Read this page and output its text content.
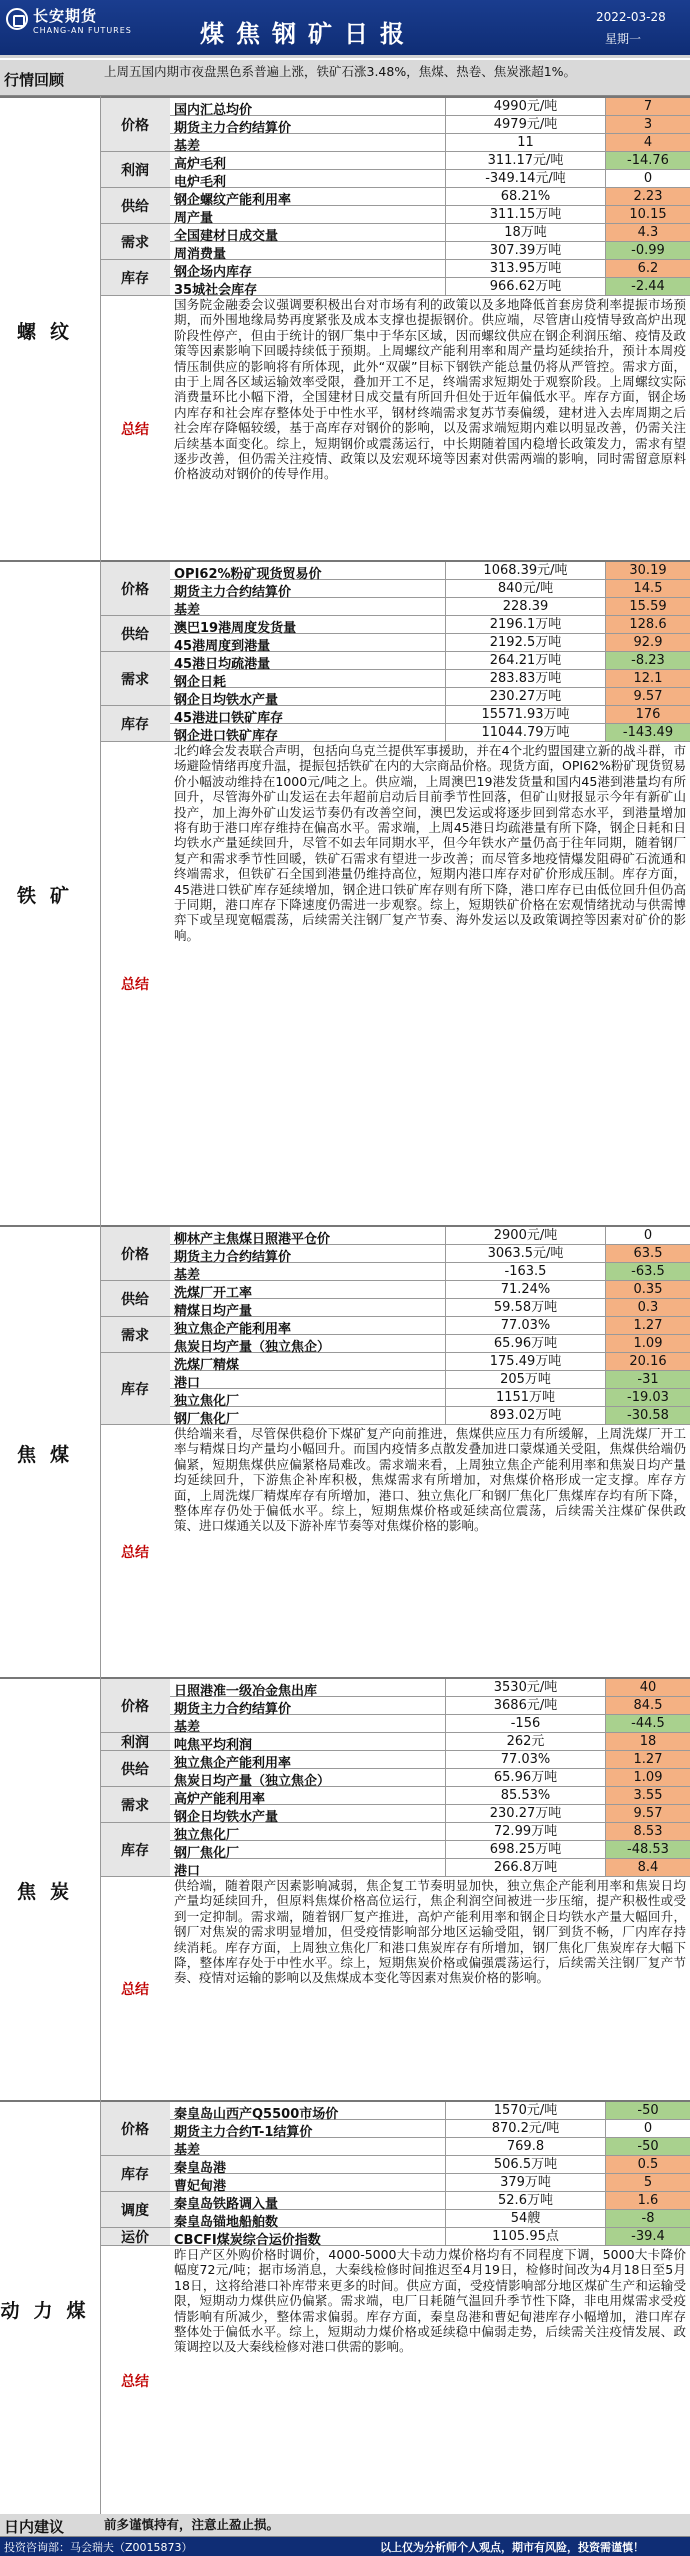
长安期货
CHANG-AN FUTURES	煤焦钢矿日报
2022-03-28
星期一
行情回顾	上周五国内期市夜盘黑色系普遍上涨，铁矿石涨3.48%，焦煤、热卷、焦炭涨超1%。
螺纹
价格
国内汇总均价	4990元/吨	7
期货主力合约结算价	4979元/吨	3
基差	11	4
利润	高炉毛利	311.17元/吨	-14.76
电炉毛利	-349.14元/吨	0
供给	钢企螺纹产能利用率	68.21%	2.23
周产量	311.15万吨	10.15
需求	全国建材日成交量	18万吨	4.3
周消费量	307.39万吨	-0.99
库存	钢企场内库存	313.95万吨	6.2
35城社会库存	966.62万吨	-2.44
总结
国务院金融委会议强调要积极出台对市场有利的政策以及多地降低首套房贷利率提振市场预期，而外围地缘局势再度紧张及成本支撑也提振钢价。供应端，尽管唐山疫情导致高炉出现阶段性停产，但由于统计的钢厂集中于华东区域，因而螺纹供应在钢企利润压缩、疫情及政策等因素影响下回暖持续低于预期。上周螺纹产能利用率和周产量均延续抬升，预计本周疫情压制供应的影响将有所体现，此外“双碳”目标下钢铁产能总量仍将从严管控。需求方面，由于上周各区域运输效率受限，叠加开工不足，终端需求短期处于观察阶段。上周螺纹实际消费量环比小幅下滑，全国建材日成交量有所回升但处于近年偏低水平。库存方面，钢企场内库存和社会库存整体处于中性水平，钢材终端需求复苏节奏偏缓，建材进入去库周期之后社会库存降幅较缓，基于高库存对钢价的影响，以及需求端短期内难以明显改善，仍需关注后续基本面变化。综上，短期钢价或震荡运行，中长期随着国内稳增长政策发力，需求有望逐步改善，但仍需关注疫情、政策以及宏观环境等因素对供需两端的影响，同时需留意原料价格波动对钢价的传导作用。
铁矿
价格
OPI62%粉矿现货贸易价	1068.39元/吨	30.19
期货主力合约结算价	840元/吨	14.5
基差	228.39	15.59
供给	澳巴19港周度发货量	2196.1万吨	128.6
45港周度到港量	2192.5万吨	92.9
需求
45港日均疏港量	264.21万吨	-8.23
钢企日耗	283.83万吨	12.1
钢企日均铁水产量	230.27万吨	9.57
库存	45港进口铁矿库存	15571.93万吨	176
钢企进口铁矿库存	11044.79万吨	-143.49
总结
北约峰会发表联合声明，包括向乌克兰提供军事援助，并在4个北约盟国建立新的战斗群，市场避险情绪再度升温，提振包括铁矿在内的大宗商品价格。现货方面，OPI62%粉矿现货贸易价小幅波动维持在1000元/吨之上。供应端，上周澳巴19港发货量和国内45港到港量均有所回升，尽管海外矿山发运在去年超前启动后目前季节性回落，但矿山财报显示今年有新矿山投产，加上海外矿山发运节奏仍有改善空间，澳巴发运或将逐步回到常态水平，到港量增加将有助于港口库存维持在偏高水平。需求端，上周45港日均疏港量有所下降，钢企日耗和日均铁水产量延续回升，尽管不如去年同期水平，但今年铁水产量仍高于往年同期，随着钢厂复产和需求季节性回暖，铁矿石需求有望进一步改善；而尽管多地疫情爆发阻碍矿石流通和终端需求，但铁矿石全国到港量仍维持高位，短期内港口库存对矿价形成压制。库存方面，45港进口铁矿库存延续增加，钢企进口铁矿库存则有所下降，港口库存已由低位回升但仍高于同期，港口库存下降速度仍需进一步观察。综上，短期铁矿价格在宏观情绪扰动与供需博弈下或呈现宽幅震荡，后续需关注钢厂复产节奏、海外发运以及政策调控等因素对矿价的影响。
焦煤
价格
柳林产主焦煤日照港平仓价	2900元/吨	0
期货主力合约结算价	3063.5元/吨	63.5
基差	-163.5	-63.5
供给	洗煤厂开工率	71.24%	0.35
精煤日均产量	59.58万吨	0.3
需求	独立焦企产能利用率	77.03%	1.27
焦炭日均产量（独立焦企）	65.96万吨	1.09
库存
洗煤厂精煤	175.49万吨	20.16
港口	205万吨	-31
独立焦化厂	1151万吨	-19.03
钢厂焦化厂	893.02万吨	-30.58
总结
供给端来看，尽管保供稳价下煤矿复产向前推进，焦煤供应压力有所缓解，上周洗煤厂开工率与精煤日均产量均小幅回升。而国内疫情多点散发叠加进口蒙煤通关受阻，焦煤供给端仍偏紧，短期焦煤供应偏紧格局难改。需求端来看，上周独立焦企产能利用率和焦炭日均产量均延续回升，下游焦企补库积极，焦煤需求有所增加，对焦煤价格形成一定支撑。库存方面，上周洗煤厂精煤库存有所增加，港口、独立焦化厂和钢厂焦化厂焦煤库存均有所下降，整体库存仍处于偏低水平。综上，短期焦煤价格或延续高位震荡，后续需关注煤矿保供政策、进口煤通关以及下游补库节奏等对焦煤价格的影响。
焦炭
价格
日照港准一级冶金焦出库	3530元/吨	40
期货主力合约结算价	3686元/吨	84.5
基差	-156	-44.5
利润	吨焦平均利润	262元	18
供给	独立焦企产能利用率	77.03%	1.27
焦炭日均产量（独立焦企）	65.96万吨	1.09
需求	高炉产能利用率	85.53%	3.55
钢企日均铁水产量	230.27万吨	9.57
库存
独立焦化厂	72.99万吨	8.53
钢厂焦化厂	698.25万吨	-48.53
港口	266.8万吨	8.4
总结
供给端，随着限产因素影响减弱，焦企复工节奏明显加快，独立焦企产能利用率和焦炭日均产量均延续回升，但原料焦煤价格高位运行，焦企利润空间被进一步压缩，提产积极性或受到一定抑制。需求端，随着钢厂复产推进，高炉产能利用率和钢企日均铁水产量大幅回升，钢厂对焦炭的需求明显增加，但受疫情影响部分地区运输受阻，钢厂到货不畅，厂内库存持续消耗。库存方面，上周独立焦化厂和港口焦炭库存有所增加，钢厂焦化厂焦炭库存大幅下降，整体库存处于中性水平。综上，短期焦炭价格或偏强震荡运行，后续需关注钢厂复产节奏、疫情对运输的影响以及焦煤成本变化等因素对焦炭价格的影响。
动力煤
价格
秦皇岛山西产Q5500市场价	1570元/吨	-50
期货主力合约T-1结算价	870.2元/吨	0
基差	769.8	-50
库存	秦皇岛港	506.5万吨	0.5
曹妃甸港	379万吨	5
调度	秦皇岛铁路调入量	52.6万吨	1.6
秦皇岛锚地船舶数	54艘	-8
运价	CBCFI煤炭综合运价指数	1105.95点	-39.4
总结
昨日产区外购价格时调价，4000-5000大卡动力煤价格均有不同程度下调，5000大卡降价幅度72元/吨；据市场消息，大秦线检修时间推迟至4月19日，检修时间改为4月18日至5月18日，这将给港口补库带来更多的时间。供应方面，受疫情影响部分地区煤矿生产和运输受限，短期动力煤供应仍偏紧。需求端，电厂日耗随气温回升季节性下降，非电用煤需求受疫情影响有所减少，整体需求偏弱。库存方面，秦皇岛港和曹妃甸港库存小幅增加，港口库存整体处于偏低水平。综上，短期动力煤价格或延续稳中偏弱走势，后续需关注疫情发展、政策调控以及大秦线检修对港口供需的影响。
日内建议	前多谨慎持有，注意止盈止损。
投资咨询部：马会瑞夫（Z0015873）	以上仅为分析师个人观点，期市有风险，投资需谨慎！
